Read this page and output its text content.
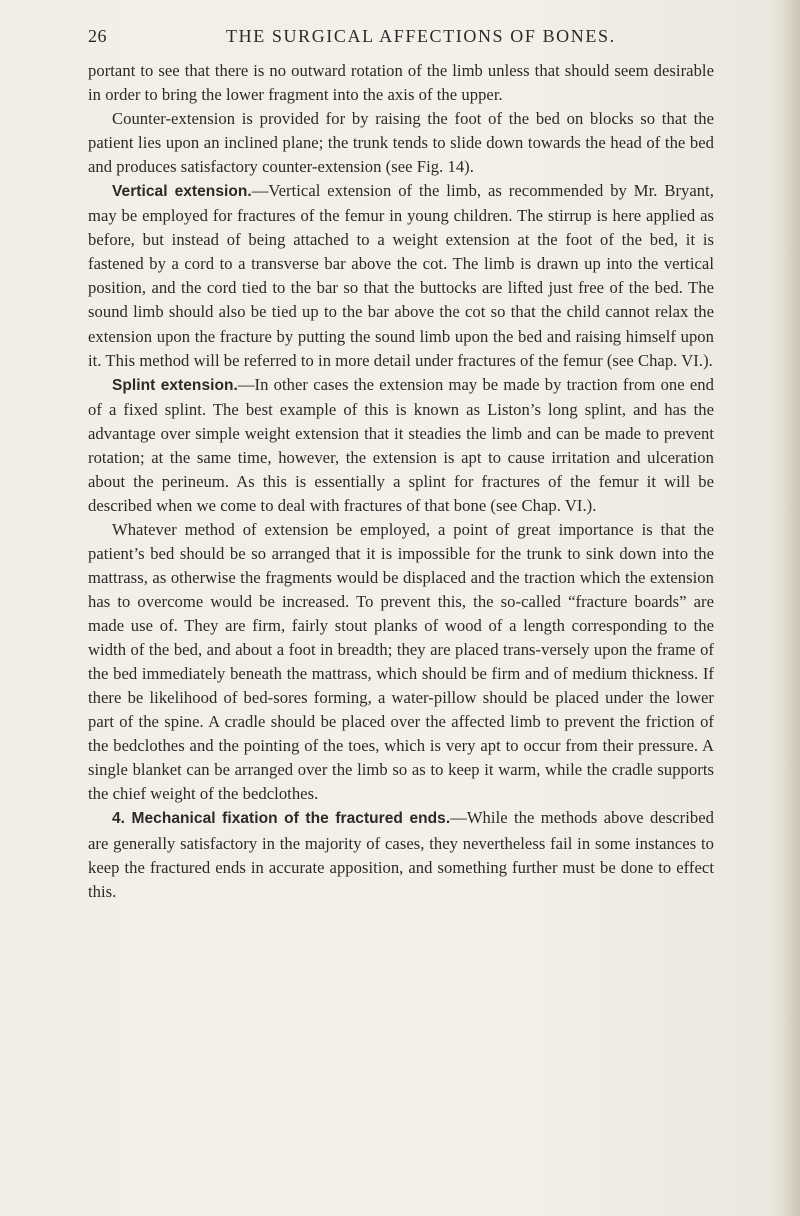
26	THE SURGICAL AFFECTIONS OF BONES.

portant to see that there is no outward rotation of the limb unless that should seem desirable in order to bring the lower fragment into the axis of the upper.

Counter-extension is provided for by raising the foot of the bed on blocks so that the patient lies upon an inclined plane; the trunk tends to slide down towards the head of the bed and produces satisfactory counter-extension (see Fig. 14).

Vertical extension.—Vertical extension of the limb, as recommended by Mr. Bryant, may be employed for fractures of the femur in young children. The stirrup is here applied as before, but instead of being attached to a weight extension at the foot of the bed, it is fastened by a cord to a transverse bar above the cot. The limb is drawn up into the vertical position, and the cord tied to the bar so that the buttocks are lifted just free of the bed. The sound limb should also be tied up to the bar above the cot so that the child cannot relax the extension upon the fracture by putting the sound limb upon the bed and raising himself upon it. This method will be referred to in more detail under fractures of the femur (see Chap. VI.).

Splint extension.—In other cases the extension may be made by traction from one end of a fixed splint. The best example of this is known as Liston’s long splint, and has the advantage over simple weight extension that it steadies the limb and can be made to prevent rotation; at the same time, however, the extension is apt to cause irritation and ulceration about the perineum. As this is essentially a splint for fractures of the femur it will be described when we come to deal with fractures of that bone (see Chap. VI.).

Whatever method of extension be employed, a point of great importance is that the patient’s bed should be so arranged that it is impossible for the trunk to sink down into the mattrass, as otherwise the fragments would be displaced and the traction which the extension has to overcome would be increased. To prevent this, the so-called “fracture boards” are made use of. They are firm, fairly stout planks of wood of a length corresponding to the width of the bed, and about a foot in breadth; they are placed trans-versely upon the frame of the bed immediately beneath the mattrass, which should be firm and of medium thickness. If there be likelihood of bed-sores forming, a water-pillow should be placed under the lower part of the spine. A cradle should be placed over the affected limb to prevent the friction of the bedclothes and the pointing of the toes, which is very apt to occur from their pressure. A single blanket can be arranged over the limb so as to keep it warm, while the cradle supports the chief weight of the bedclothes.

4. Mechanical fixation of the fractured ends.—While the methods above described are generally satisfactory in the majority of cases, they nevertheless fail in some instances to keep the fractured ends in accurate apposition, and something further must be done to effect this.
